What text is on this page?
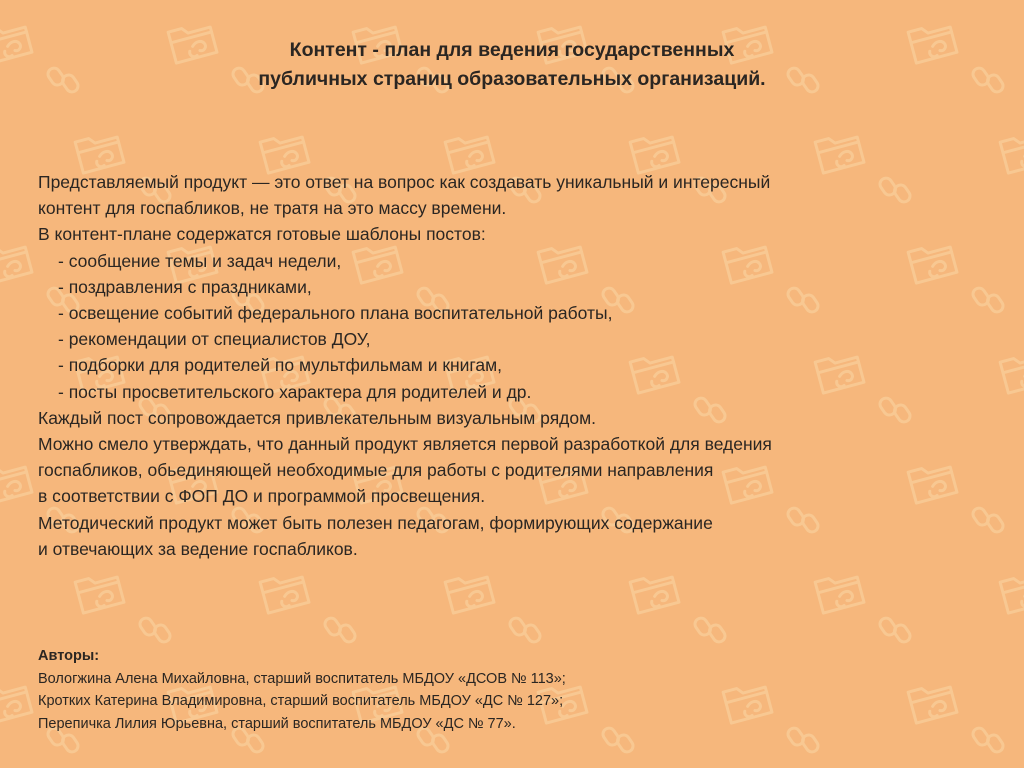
Контент - план для ведения государственных
публичных страниц образовательных организаций.
Представляемый продукт — это ответ на вопрос как создавать уникальный и интересный
контент для госпабликов, не тратя на это массу времени.
В контент-плане содержатся готовые шаблоны постов:
- сообщение темы и задач недели,
- поздравления с праздниками,
- освещение событий федерального плана воспитательной работы,
- рекомендации от специалистов ДОУ,
- подборки для родителей по мультфильмам и книгам,
- посты просветительского характера для родителей и др.
Каждый пост сопровождается привлекательным визуальным рядом.
Можно смело утверждать, что данный продукт является первой разработкой для ведения
госпабликов, обьединяющей необходимые для работы с родителями направления
в соответствии с ФОП ДО и программой просвещения.
Методический продукт может быть полезен педагогам, формирующих содержание
и отвечающих за ведение госпабликов.
Авторы:
Вологжина Алена Михайловна, старший воспитатель МБДОУ «ДСОВ № 113»;
Кротких Катерина Владимировна, старший воспитатель МБДОУ «ДС № 127»;
Перепичка Лилия Юрьевна, старший воспитатель МБДОУ «ДС № 77».
